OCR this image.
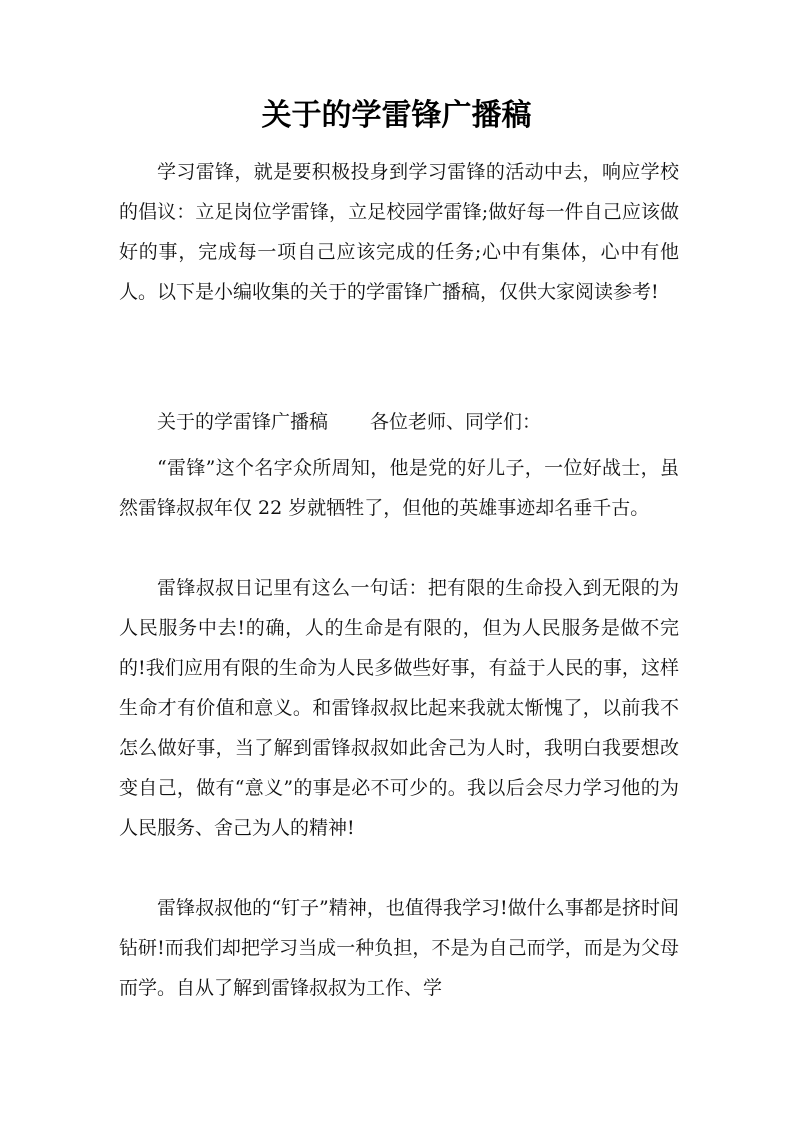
关于的学雷锋广播稿

学习雷锋，就是要积极投身到学习雷锋的活动中去，响应学校的倡议：立足岗位学雷锋，立足校园学雷锋;做好每一件自己应该做好的事，完成每一项自己应该完成的任务;心中有集体，心中有他人。以下是小编收集的关于的学雷锋广播稿，仅供大家阅读参考!

关于的学雷锋广播稿 各位老师、同学们：

“雷锋”这个名字众所周知，他是党的好儿子，一位好战士，虽然雷锋叔叔年仅 22 岁就牺牲了，但他的英雄事迹却名垂千古。

雷锋叔叔日记里有这么一句话：把有限的生命投入到无限的为人民服务中去!的确，人的生命是有限的，但为人民服务是做不完的!我们应用有限的生命为人民多做些好事，有益于人民的事，这样生命才有价值和意义。和雷锋叔叔比起来我就太惭愧了，以前我不怎么做好事，当了解到雷锋叔叔如此舍己为人时，我明白我要想改变自己，做有“意义”的事是必不可少的。我以后会尽力学习他的为人民服务、舍己为人的精神!

雷锋叔叔他的“钉子”精神，也值得我学习!做什么事都是挤时间钻研!而我们却把学习当成一种负担，不是为自己而学，而是为父母而学。自从了解到雷锋叔叔为工作、学
